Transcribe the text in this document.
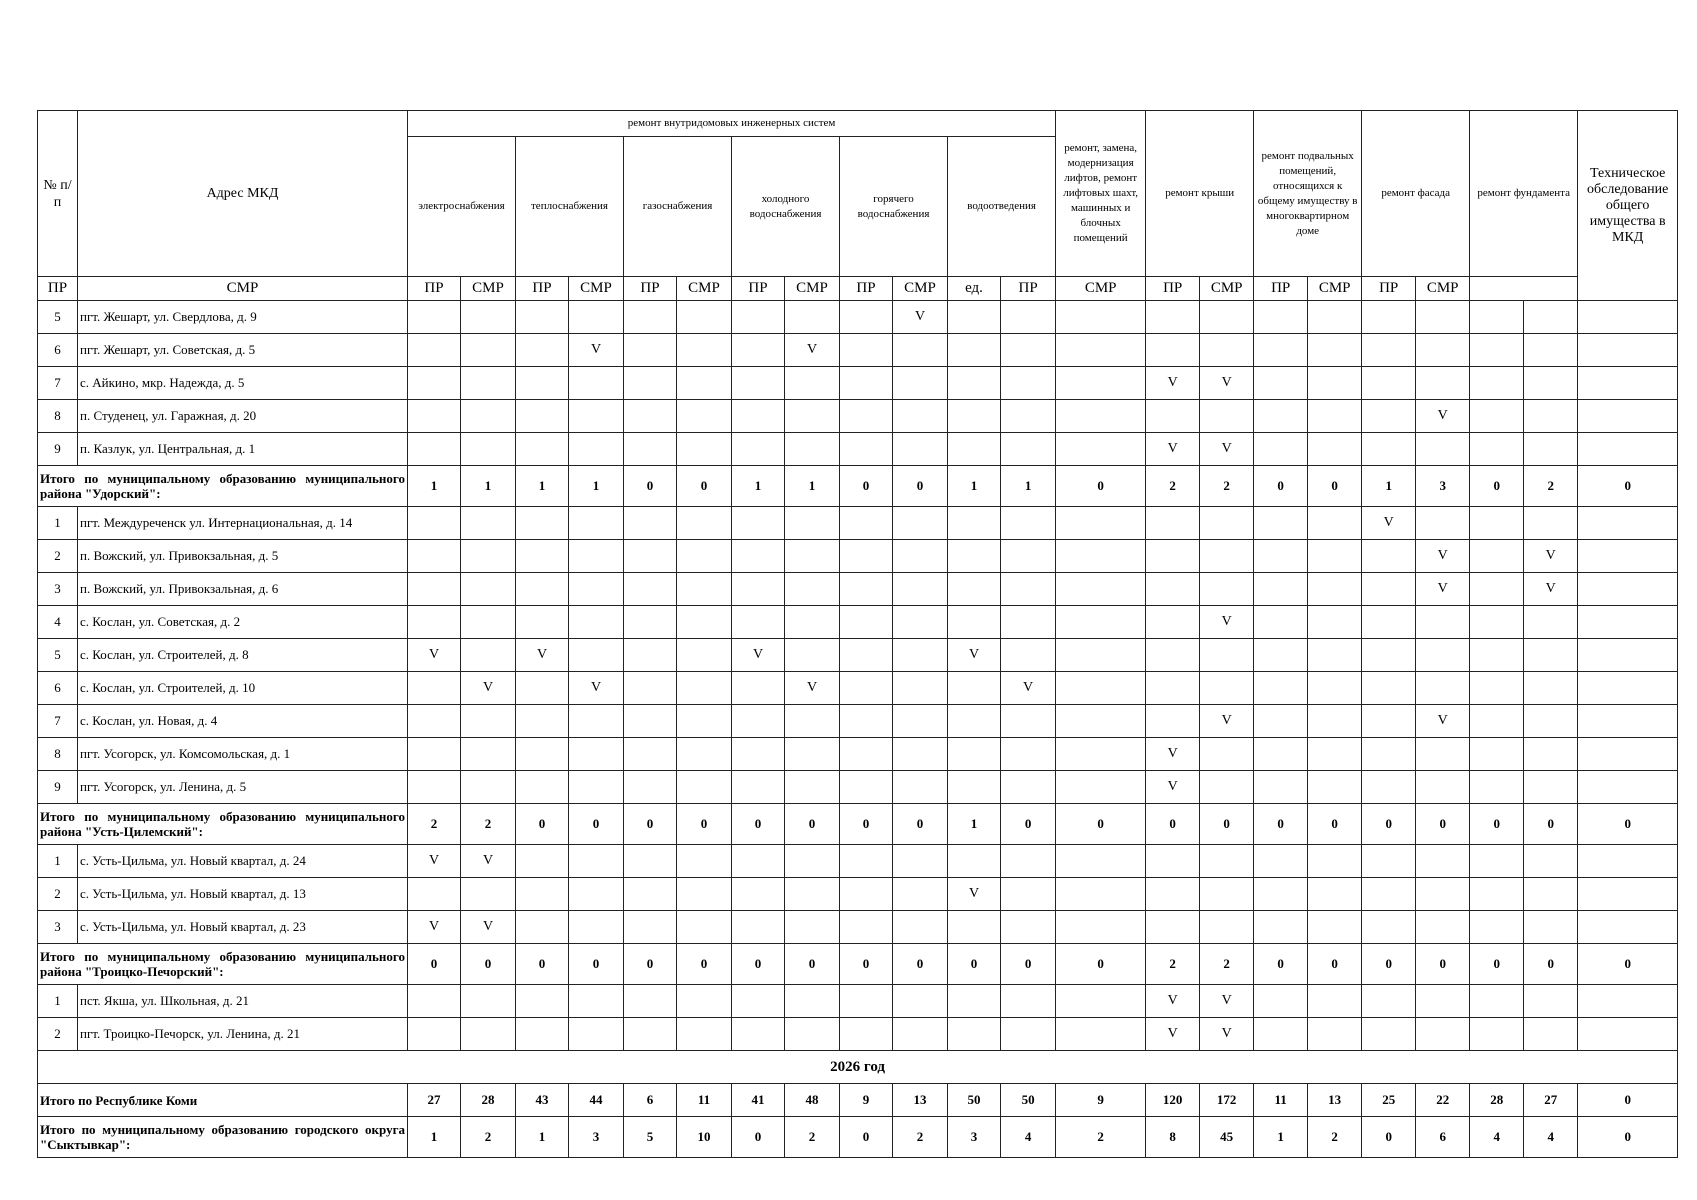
№ п/п	Адрес МКД	ремонт внутридомовых инженерных систем												ремонт, замена, модернизация лифтов, ремонт лифтовых шахт, машинных и блочных помещений	ремонт крыши		ремонт подвальных помещений, относящихся к общему имуществу в многоквартирном доме		ремонт фасада		ремонт фундамента		Техническое обследование общего имущества в МКД
		электроснабжения		теплоснабжения		газоснабжения		холодного водоснабжения		горячего водоснабжения		водоотведения											
ПР	СМР	ПР	СМР	ПР	СМР	ПР	СМР	ПР	СМР	ПР	СМР	ед.	ПР	СМР	ПР	СМР	ПР	СМР	ПР	СМР			
5	пгт. Жешарт, ул. Свердлова, д. 9										V												
6	пгт. Жешарт, ул. Советская, д. 5				V				V														
7	с. Айкино, мкр. Надежда, д. 5														V	V							
8	п. Студенец, ул. Гаражная, д. 20																			V			
9	п. Казлук, ул. Центральная, д. 1														V	V							
Итого по муниципальному образованию муниципального района "Удорский":		1	1	1	1	0	0	1	1	0	0	1	1	0	2	2	0	0	1	3	0	2	0
1	пгт. Междуреченск ул. Интернациональная, д. 14																		V				
2	п. Вожский, ул. Привокзальная, д. 5																			V		V	
3	п. Вожский, ул. Привокзальная, д. 6																			V		V	
4	с. Кослан, ул. Советская, д. 2															V							
5	с. Кослан, ул. Строителей, д. 8	V		V				V				V											
6	с. Кослан, ул. Строителей, д. 10		V		V				V				V										
7	с. Кослан, ул. Новая, д. 4															V				V			
8	пгт. Усогорск, ул. Комсомольская, д. 1														V								
9	пгт. Усогорск, ул. Ленина, д. 5														V								
Итого по муниципальному образованию муниципального района "Усть-Цилемский":		2	2	0	0	0	0	0	0	0	0	1	0	0	0	0	0	0	0	0	0	0	0
1	с. Усть-Цильма, ул. Новый квартал, д. 24	V	V																				
2	с. Усть-Цильма, ул. Новый квартал, д. 13											V											
3	с. Усть-Цильма, ул. Новый квартал, д. 23	V	V																				
Итого по муниципальному образованию муниципального района "Троицко-Печорский":		0	0	0	0	0	0	0	0	0	0	0	0	0	2	2	0	0	0	0	0	0	0
1	пст. Якша, ул. Школьная, д. 21														V	V							
2	пгт. Троицко-Печорск, ул. Ленина, д. 21														V	V							
2026 год																							
Итого по Республике Коми		27	28	43	44	6	11	41	48	9	13	50	50	9	120	172	11	13	25	22	28	27	0
Итого по муниципальному образованию городского округа "Сыктывкар":		1	2	1	3	5	10	0	2	0	2	3	4	2	8	45	1	2	0	6	4	4	0
